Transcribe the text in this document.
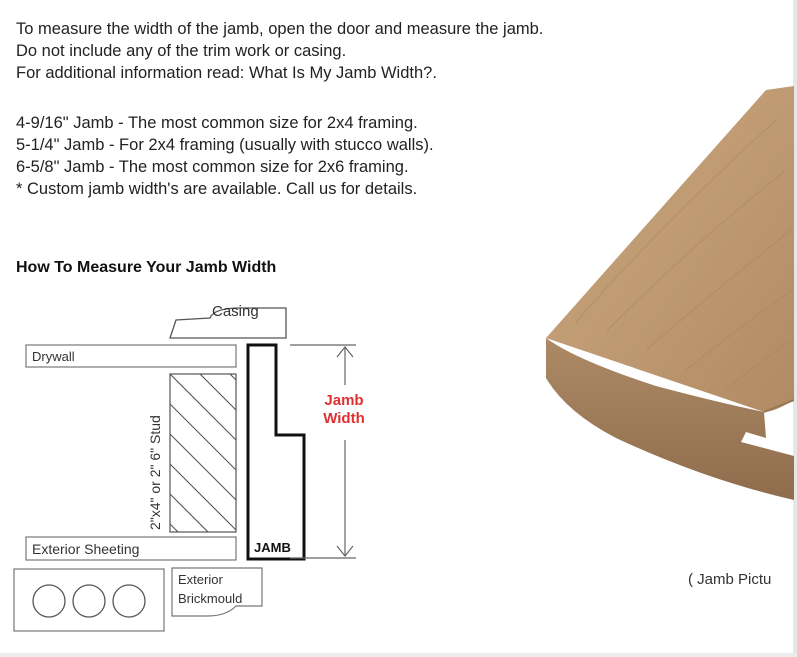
To measure the width of the jamb, open the door and measure the jamb.
Do not include any of the trim work or casing.
For additional information read: What Is My Jamb Width?.
4-9/16" Jamb - The most common size for 2x4 framing.
5-1/4" Jamb - For 2x4 framing (usually with stucco walls).
6-5/8" Jamb - The most common size for 2x6 framing.
* Custom jamb width's are available. Call us for details.
How To Measure Your Jamb Width
Casing
Drywall
2"x4" or 2" 6" Stud
JAMB
Jamb
Width
Exterior Sheeting
Exterior
Brickmould
( Jamb Pictu
